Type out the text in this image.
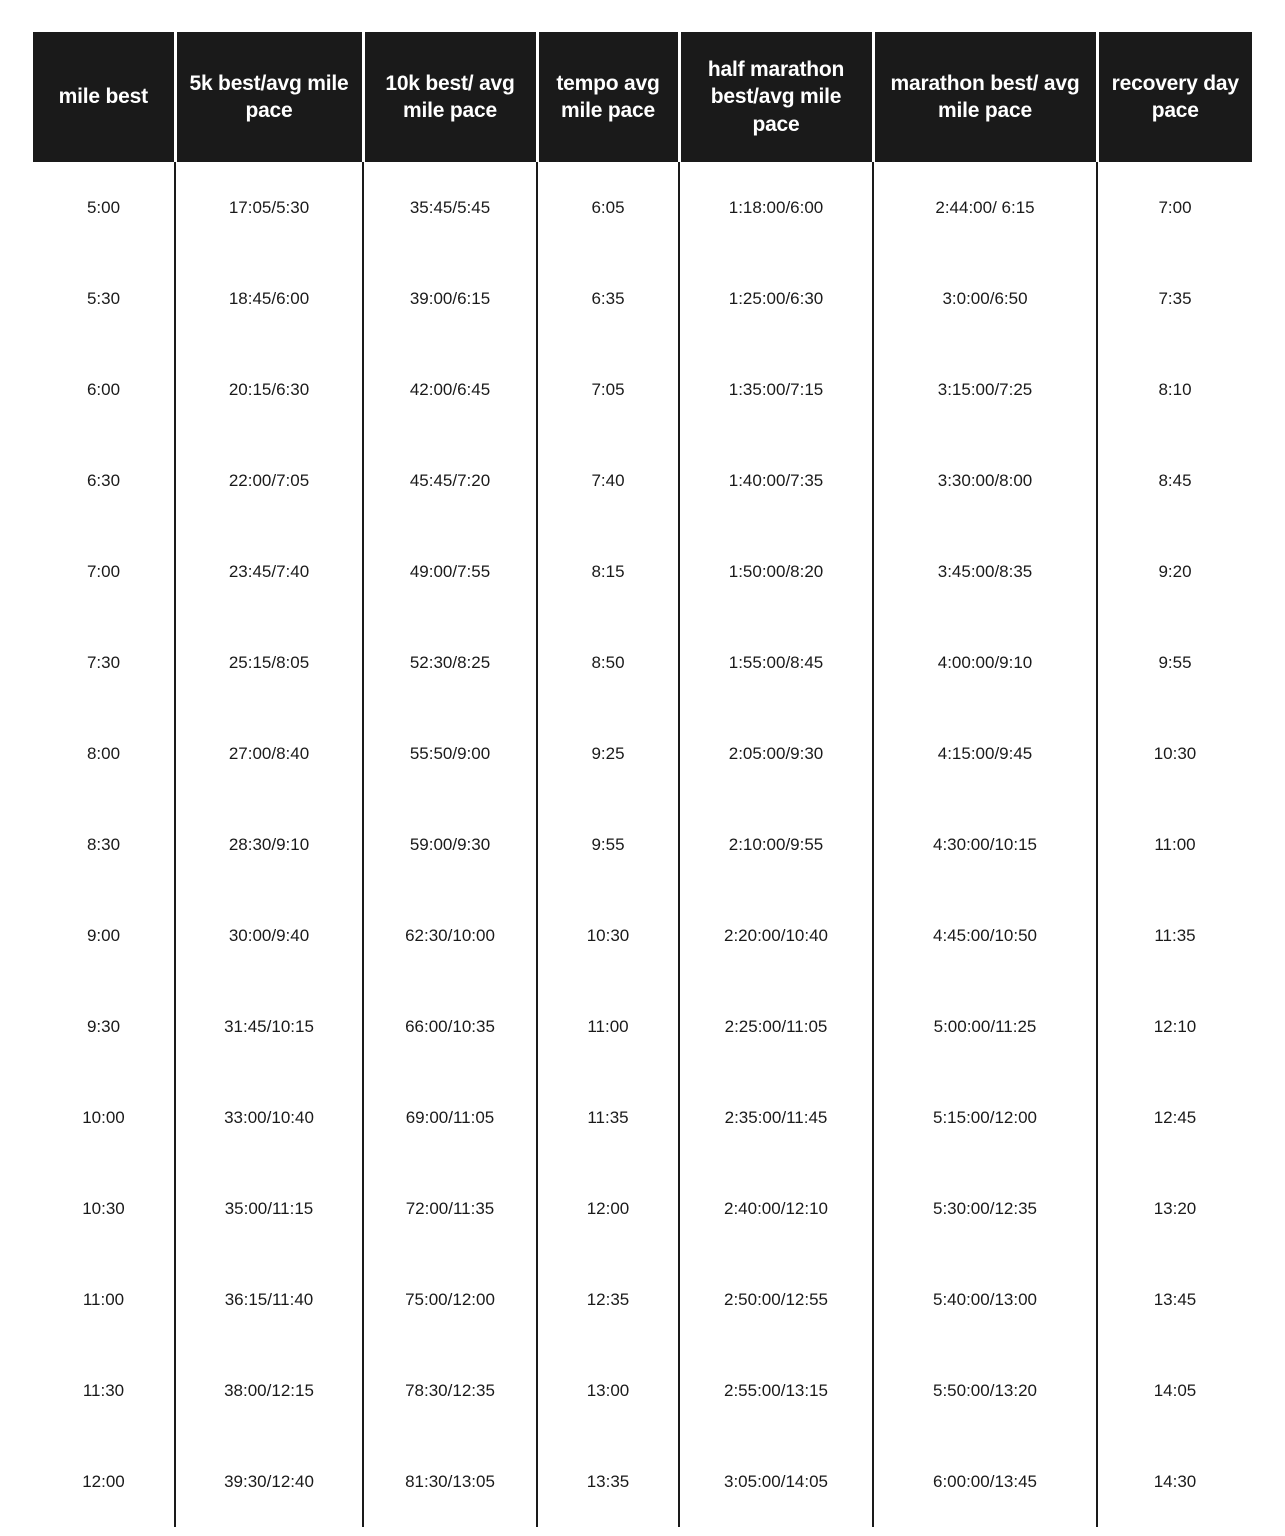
mile best	5k best/avg mile pace	10k best/ avg mile pace	tempo avg mile pace	half marathon best/avg mile pace	marathon best/ avg mile pace	recovery day pace
5:00	17:05/5:30	35:45/5:45	6:05	1:18:00/6:00	2:44:00/ 6:15	7:00
5:30	18:45/6:00	39:00/6:15	6:35	1:25:00/6:30	3:0:00/6:50	7:35
6:00	20:15/6:30	42:00/6:45	7:05	1:35:00/7:15	3:15:00/7:25	8:10
6:30	22:00/7:05	45:45/7:20	7:40	1:40:00/7:35	3:30:00/8:00	8:45
7:00	23:45/7:40	49:00/7:55	8:15	1:50:00/8:20	3:45:00/8:35	9:20
7:30	25:15/8:05	52:30/8:25	8:50	1:55:00/8:45	4:00:00/9:10	9:55
8:00	27:00/8:40	55:50/9:00	9:25	2:05:00/9:30	4:15:00/9:45	10:30
8:30	28:30/9:10	59:00/9:30	9:55	2:10:00/9:55	4:30:00/10:15	11:00
9:00	30:00/9:40	62:30/10:00	10:30	2:20:00/10:40	4:45:00/10:50	11:35
9:30	31:45/10:15	66:00/10:35	11:00	2:25:00/11:05	5:00:00/11:25	12:10
10:00	33:00/10:40	69:00/11:05	11:35	2:35:00/11:45	5:15:00/12:00	12:45
10:30	35:00/11:15	72:00/11:35	12:00	2:40:00/12:10	5:30:00/12:35	13:20
11:00	36:15/11:40	75:00/12:00	12:35	2:50:00/12:55	5:40:00/13:00	13:45
11:30	38:00/12:15	78:30/12:35	13:00	2:55:00/13:15	5:50:00/13:20	14:05
12:00	39:30/12:40	81:30/13:05	13:35	3:05:00/14:05	6:00:00/13:45	14:30
